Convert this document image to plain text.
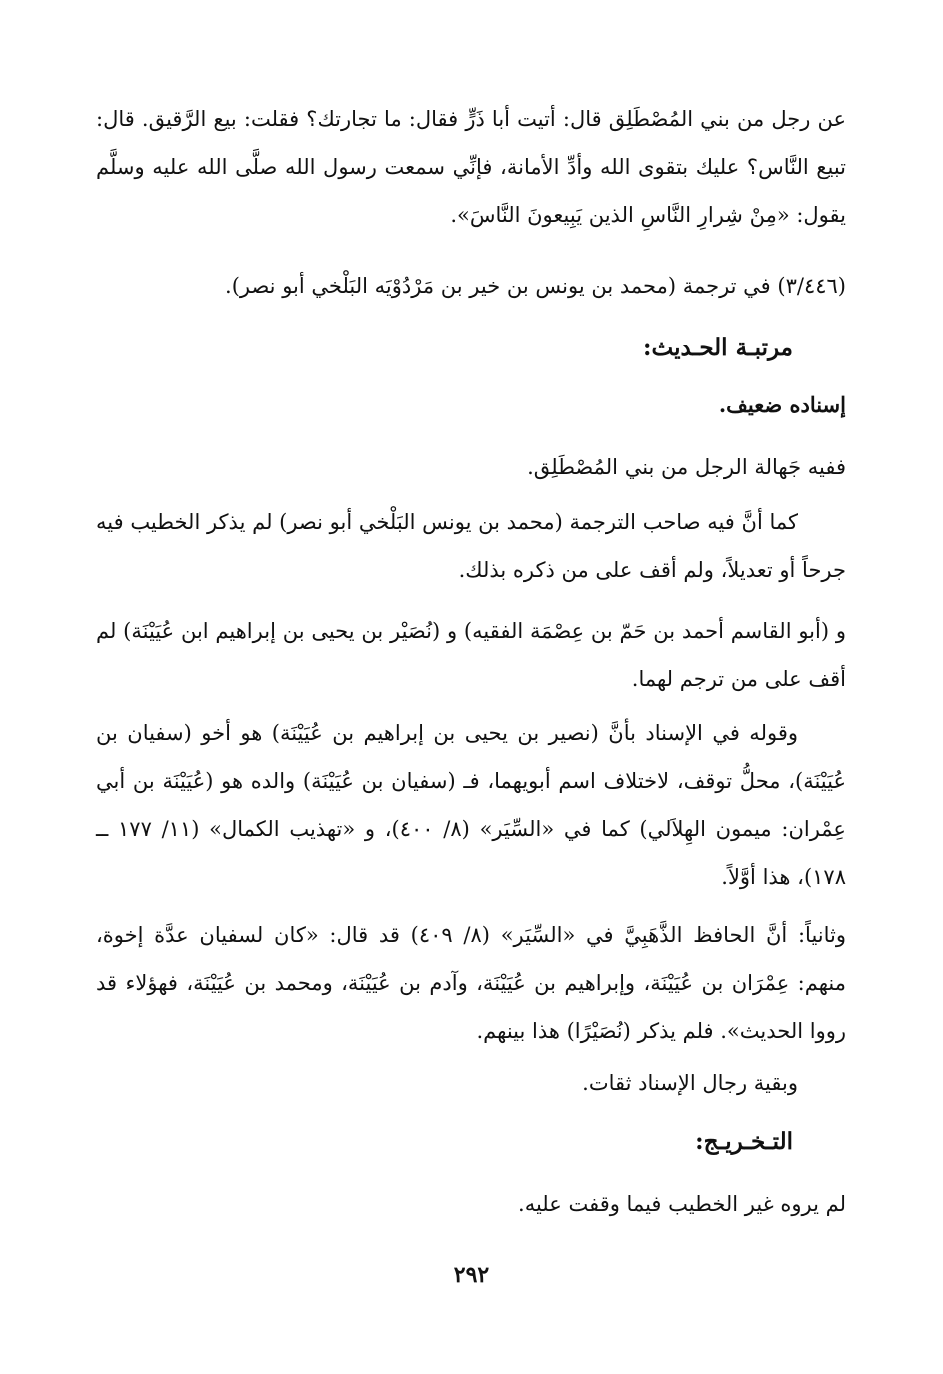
عن رجل من بني المُصْطَلِق قال: أتيت أبا ذَرٍّ فقال: ما تجارتك؟ فقلت: بيع الرَّقيق. قال: تبيع النَّاس؟ عليك بتقوى الله وأدِّ الأمانة، فإنِّي سمعت رسول الله صلَّى الله عليه وسلَّم يقول: «مِنْ شِرارِ النَّاسِ الذين يَبِيعونَ النَّاسَ».

(٣/٤٤٦) في ترجمة (محمد بن يونس بن خير بن مَرْدُوْيَه البَلْخي أبو نصر).

مرتبـة الحـديث:

إسناده ضعيف.

ففيه جَهالة الرجل من بني المُصْطَلِق.

كما أنَّ فيه صاحب الترجمة (محمد بن يونس البَلْخي أبو نصر) لم يذكر الخطيب فيه جرحاً أو تعديلاً، ولم أقف على من ذكره بذلك.

و (أبو القاسم أحمد بن حَمّ بن عِصْمَة الفقيه) و (نُصَيْر بن يحيى بن إبراهيم ابن عُيَيْنَة) لم أقف على من ترجم لهما.

وقوله في الإسناد بأنَّ (نصير بن يحيى بن إبراهيم بن عُيَيْنَة) هو أخو (سفيان بن عُيَيْنَة)، محلُّ توقف، لاختلاف اسم أبويهما، فـ (سفيان بن عُيَيْنَة) والده هو (عُيَيْنَة بن أبي عِمْران: ميمون الهِلاَلي) كما في «السِّيَر» (٨/ ٤٠٠)، و «تهذيب الكمال» (١١/ ١٧٧ ــ ١٧٨)، هذا أوَّلاً.

وثانياً: أنَّ الحافظ الذَّهَبِيَّ في «السِّيَر» (٨/ ٤٠٩) قد قال: «كان لسفيان عدَّة إخوة، منهم: عِمْرَان بن عُيَيْنَة، وإبراهيم بن عُيَيْنَة، وآدم بن عُيَيْنَة، ومحمد بن عُيَيْنَة، فهؤلاء قد رووا الحديث». فلم يذكر (نُصَيْرًا) هذا بينهم.

وبقية رجال الإسناد ثقات.

التـخـريـج:

لم يروه غير الخطيب فيما وقفت عليه.

٢٩٢
